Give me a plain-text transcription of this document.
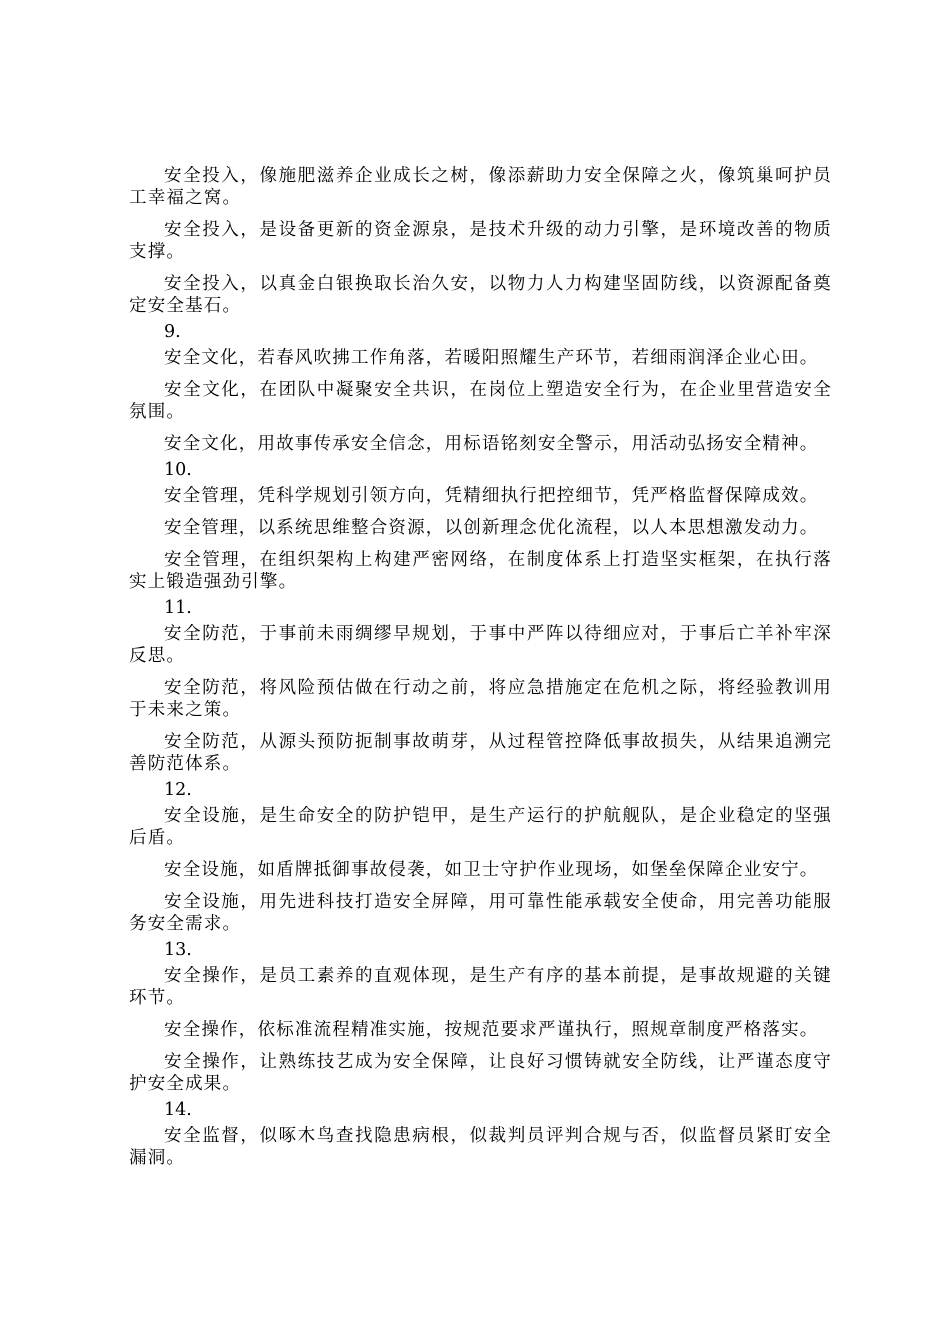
安全投入，像施肥滋养企业成长之树，像添薪助力安全保障之火，像筑巢呵护员工幸福之窝。

安全投入，是设备更新的资金源泉，是技术升级的动力引擎，是环境改善的物质支撑。

安全投入，以真金白银换取长治久安，以物力人力构建坚固防线，以资源配备奠定安全基石。

9.

安全文化，若春风吹拂工作角落，若暖阳照耀生产环节，若细雨润泽企业心田。

安全文化，在团队中凝聚安全共识，在岗位上塑造安全行为，在企业里营造安全氛围。

安全文化，用故事传承安全信念，用标语铭刻安全警示，用活动弘扬安全精神。

10.

安全管理，凭科学规划引领方向，凭精细执行把控细节，凭严格监督保障成效。

安全管理，以系统思维整合资源，以创新理念优化流程，以人本思想激发动力。

安全管理，在组织架构上构建严密网络，在制度体系上打造坚实框架，在执行落实上锻造强劲引擎。

11.

安全防范，于事前未雨绸缪早规划，于事中严阵以待细应对，于事后亡羊补牢深反思。

安全防范，将风险预估做在行动之前，将应急措施定在危机之际，将经验教训用于未来之策。

安全防范，从源头预防扼制事故萌芽，从过程管控降低事故损失，从结果追溯完善防范体系。

12.

安全设施，是生命安全的防护铠甲，是生产运行的护航舰队，是企业稳定的坚强后盾。

安全设施，如盾牌抵御事故侵袭，如卫士守护作业现场，如堡垒保障企业安宁。

安全设施，用先进科技打造安全屏障，用可靠性能承载安全使命，用完善功能服务安全需求。

13.

安全操作，是员工素养的直观体现，是生产有序的基本前提，是事故规避的关键环节。

安全操作，依标准流程精准实施，按规范要求严谨执行，照规章制度严格落实。

安全操作，让熟练技艺成为安全保障，让良好习惯铸就安全防线，让严谨态度守护安全成果。

14.

安全监督，似啄木鸟查找隐患病根，似裁判员评判合规与否，似监督员紧盯安全漏洞。
